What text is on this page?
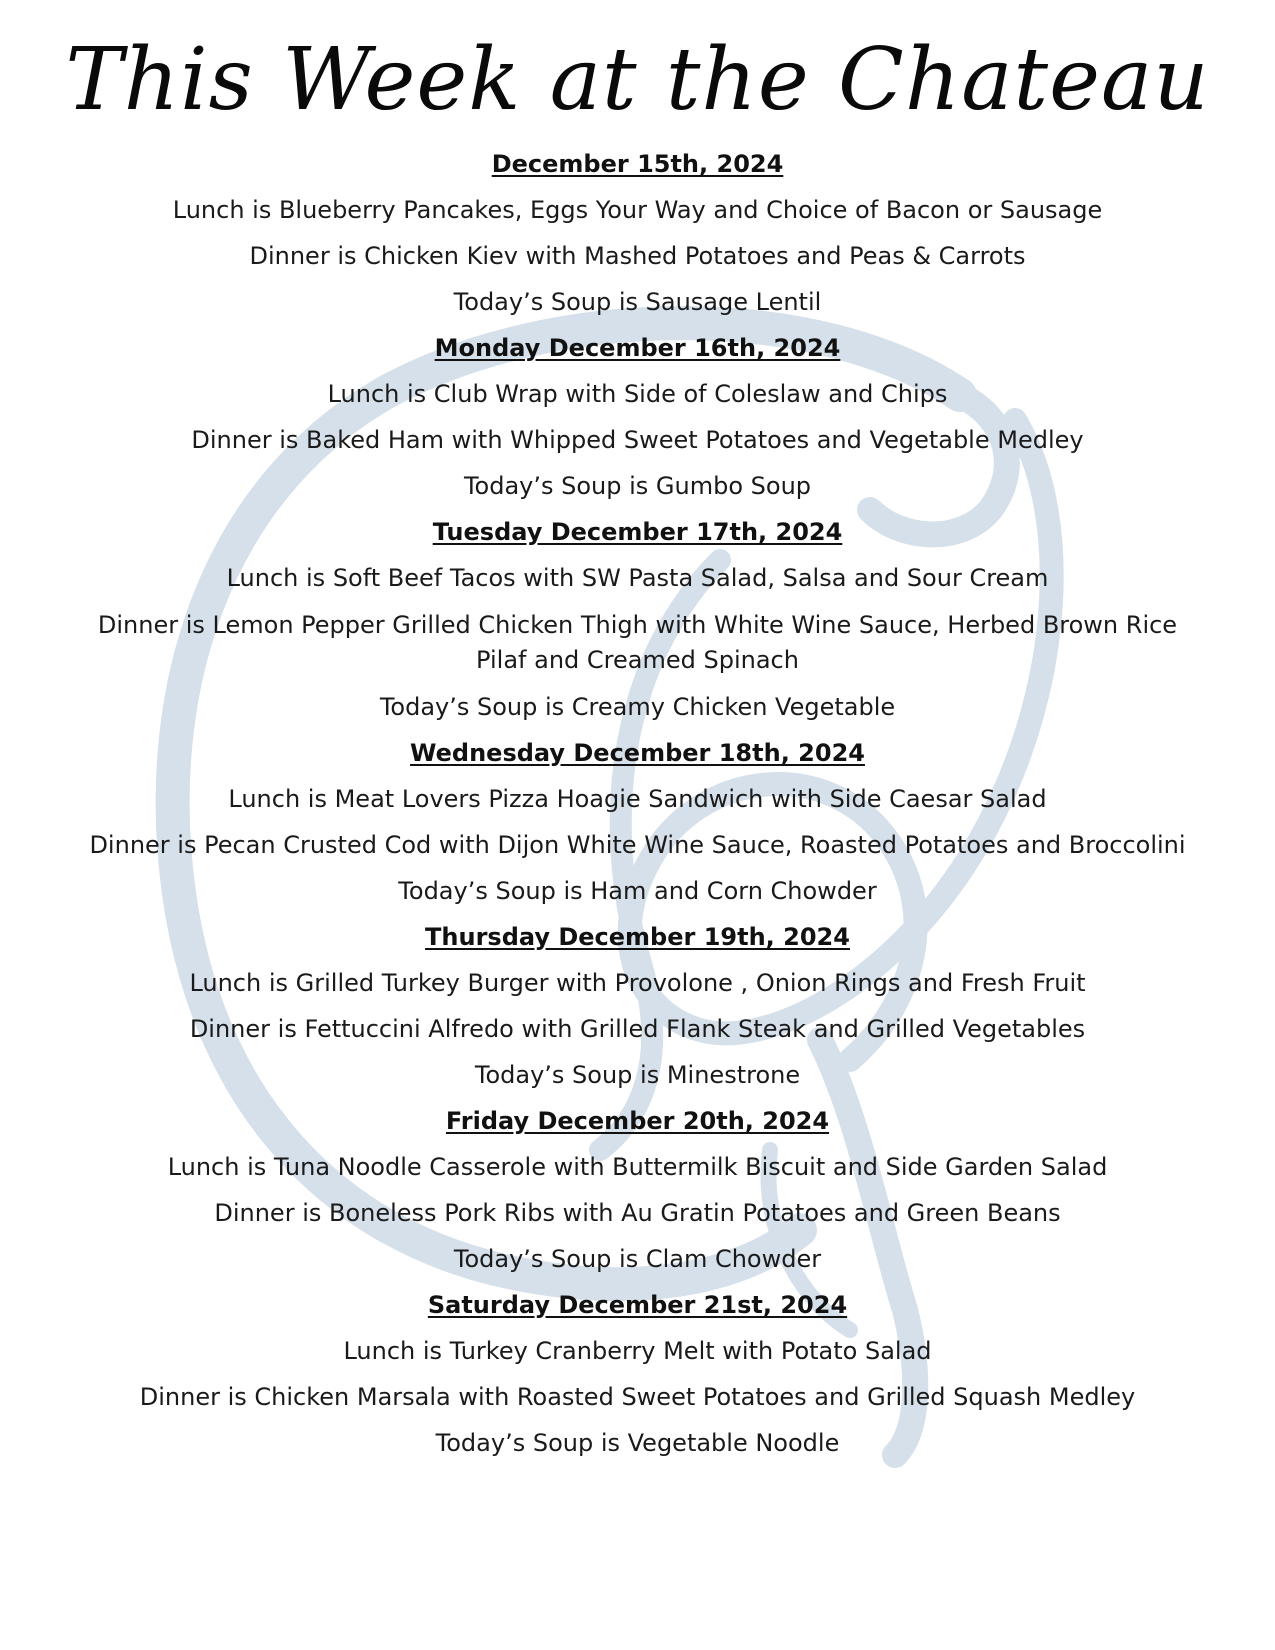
This Week at the Chateau
December 15th, 2024
Lunch is Blueberry Pancakes, Eggs Your Way and Choice of Bacon or Sausage
Dinner is Chicken Kiev with Mashed Potatoes and Peas & Carrots
Today’s Soup is Sausage Lentil
Monday December 16th, 2024
Lunch is Club Wrap with Side of Coleslaw and Chips
Dinner is Baked Ham with Whipped Sweet Potatoes and Vegetable Medley
Today’s Soup is Gumbo Soup
Tuesday December 17th, 2024
Lunch is Soft Beef Tacos with SW Pasta Salad, Salsa and Sour Cream
Dinner is Lemon Pepper Grilled Chicken Thigh with White Wine Sauce, Herbed Brown Rice Pilaf and Creamed Spinach
Today’s Soup is Creamy Chicken Vegetable
Wednesday December 18th, 2024
Lunch is Meat Lovers Pizza Hoagie Sandwich with Side Caesar Salad
Dinner is Pecan Crusted Cod with Dijon White Wine Sauce, Roasted Potatoes and Broccolini
Today’s Soup is Ham and Corn Chowder
Thursday December 19th, 2024
Lunch is Grilled Turkey Burger with Provolone , Onion Rings and Fresh Fruit
Dinner is Fettuccini Alfredo with Grilled Flank Steak and Grilled Vegetables
Today’s Soup is Minestrone
Friday December 20th, 2024
Lunch is Tuna Noodle Casserole with Buttermilk Biscuit and Side Garden Salad
Dinner is Boneless Pork Ribs with Au Gratin Potatoes and Green Beans
Today’s Soup is Clam Chowder
Saturday December 21st, 2024
Lunch is Turkey Cranberry Melt with Potato Salad
Dinner is Chicken Marsala with Roasted Sweet Potatoes and Grilled Squash Medley
Today’s Soup is Vegetable Noodle
